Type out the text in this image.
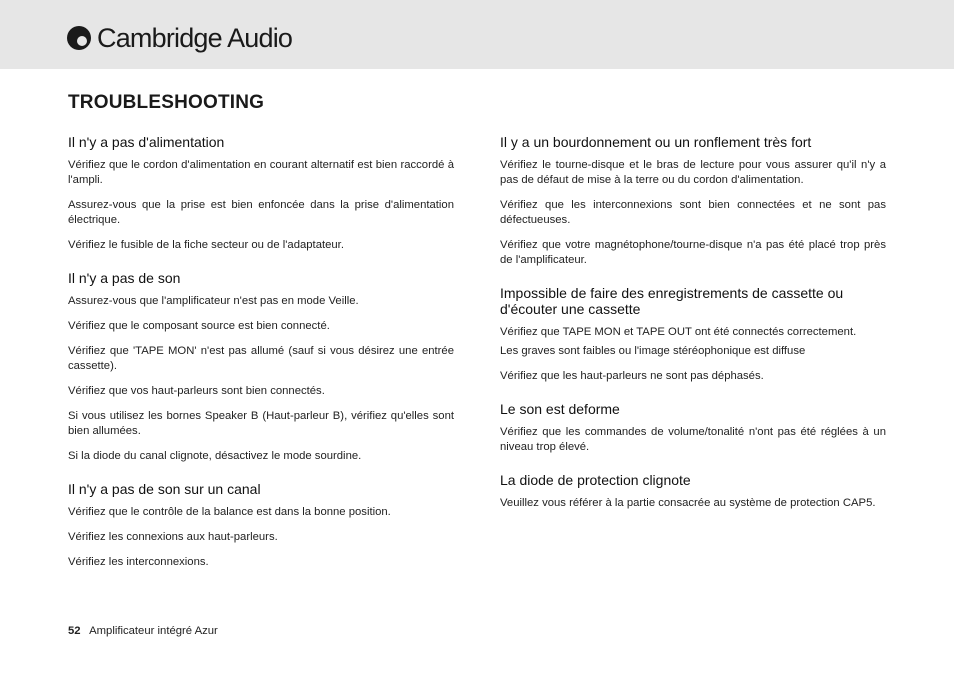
Cambridge Audio
TROUBLESHOOTING
Il n'y a pas d'alimentation

Vérifiez que le cordon d'alimentation en courant alternatif est bien raccordé à l'ampli.

Assurez-vous que la prise est bien enfoncée dans la prise d'alimentation électrique.

Vérifiez le fusible de la fiche secteur ou de l'adaptateur.

Il n'y a pas de son

Assurez-vous que l'amplificateur n'est pas en mode Veille.

Vérifiez que le composant source est bien connecté.

Vérifiez que 'TAPE MON' n'est pas allumé (sauf si vous désirez une entrée cassette).

Vérifiez que vos haut-parleurs sont bien connectés.

Si vous utilisez les bornes Speaker B (Haut-parleur B), vérifiez qu'elles sont bien allumées.

Si la diode du canal clignote, désactivez le mode sourdine.

Il n'y a pas de son sur un canal

Vérifiez que le contrôle de la balance est dans la bonne position.

Vérifiez les connexions aux haut-parleurs.

Vérifiez les interconnexions.

Il y a un bourdonnement ou un ronflement très fort

Vérifiez le tourne-disque et le bras de lecture pour vous assurer qu'il n'y a pas de défaut de mise à la terre ou du cordon d'alimentation.

Vérifiez que les interconnexions sont bien connectées et ne sont pas défectueuses.

Vérifiez que votre magnétophone/tourne-disque n'a pas été placé trop près de l'amplificateur.

Impossible de faire des enregistrements de cassette ou d'écouter une cassette

Vérifiez que TAPE MON et TAPE OUT ont été connectés correctement.

Les graves sont faibles ou l'image stéréophonique est diffuse

Vérifiez que les haut-parleurs ne sont pas déphasés.

Le son est deforme

Vérifiez que les commandes de volume/tonalité n'ont pas été réglées à un niveau trop élevé.

La diode de protection clignote

Veuillez vous référer à la partie consacrée au système de protection CAP5.

52 Amplificateur intégré Azur
